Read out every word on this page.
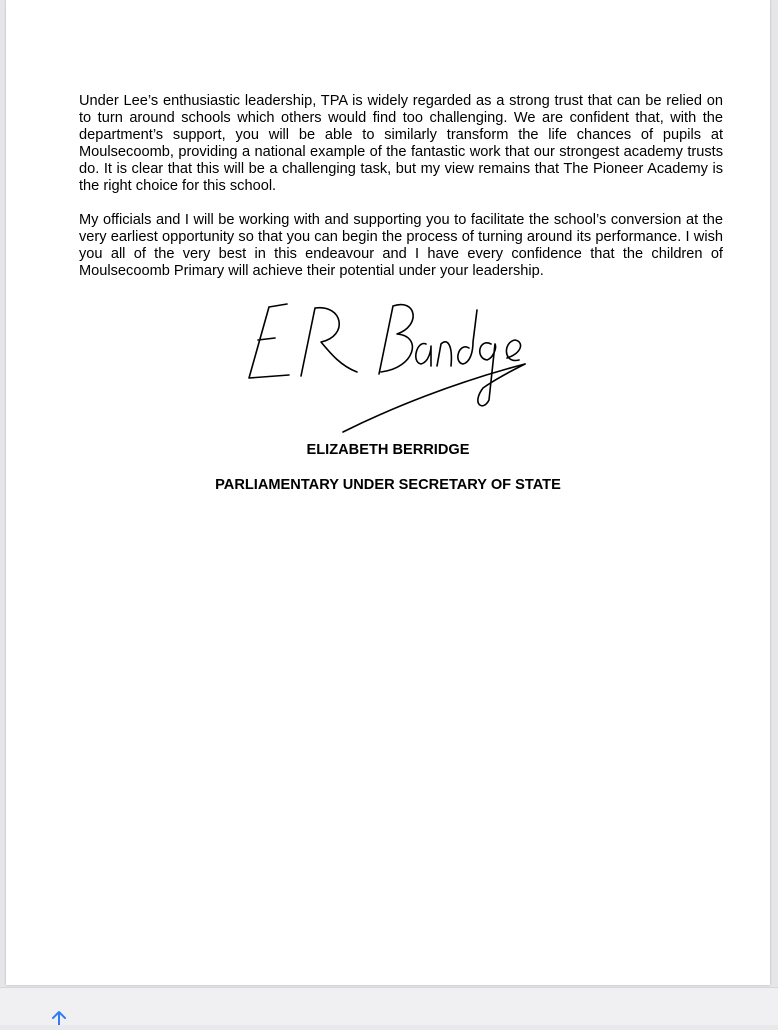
Under Lee’s enthusiastic leadership, TPA is widely regarded as a strong trust that can be relied on to turn around schools which others would find too challenging. We are confident that, with the department’s support, you will be able to similarly transform the life chances of pupils at Moulsecoomb, providing a national example of the fantastic work that our strongest academy trusts do. It is clear that this will be a challenging task, but my view remains that The Pioneer Academy is the right choice for this school.

My officials and I will be working with and supporting you to facilitate the school’s conversion at the very earliest opportunity so that you can begin the process of turning around its performance. I wish you all of the very best in this endeavour and I have every confidence that the children of Moulsecoomb Primary will achieve their potential under your leadership.

ELIZABETH BERRIDGE

PARLIAMENTARY UNDER SECRETARY OF STATE
